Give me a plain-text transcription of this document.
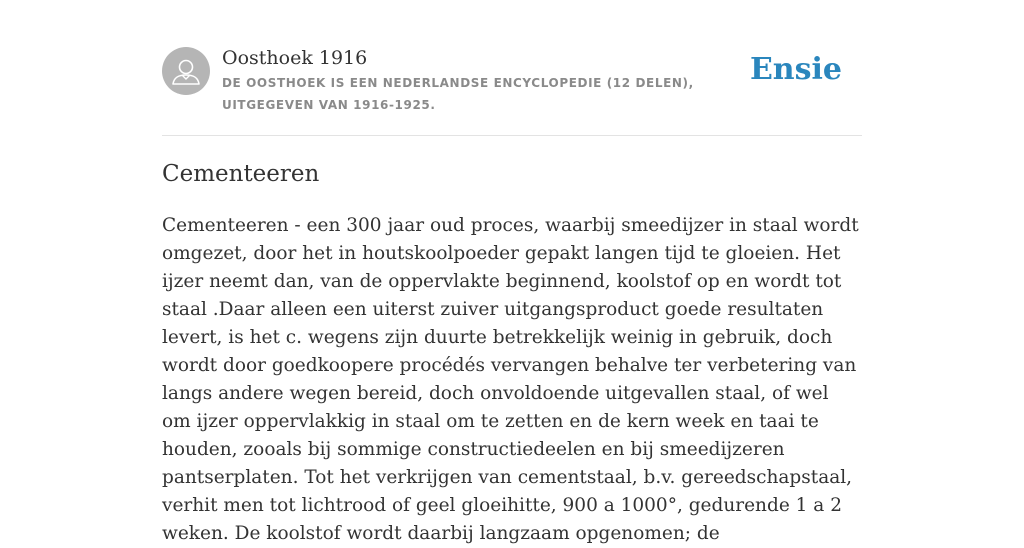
Oosthoek 1916
DE OOSTHOEK IS EEN NEDERLANDSE ENCYCLOPEDIE (12 DELEN), UITGEGEVEN VAN 1916-1925.
Ensie
Cementeeren

Cementeeren - een 300 jaar oud proces, waarbij smeedijzer in staal wordt omgezet, door het in houtskoolpoeder gepakt langen tijd te gloeien. Het ijzer neemt dan, van de oppervlakte beginnend, koolstof op en wordt tot staal .Daar alleen een uiterst zuiver uitgangsproduct goede resultaten levert, is het c. wegens zijn duurte betrekkelijk weinig in gebruik, doch wordt door goedkoopere procédés vervangen behalve ter verbetering van langs andere wegen bereid, doch onvoldoende uitgevallen staal, of wel om ijzer oppervlakkig in staal om te zetten en de kern week en taai te houden, zooals bij sommige constructiedeelen en bij smeedijzeren pantserplaten. Tot het verkrijgen van cementstaal, b.v. gereedschapstaal, verhit men tot lichtrood of geel gloeihitte, 900 a 1000°, gedurende 1 a 2 weken. De koolstof wordt daarbij langzaam opgenomen; de
